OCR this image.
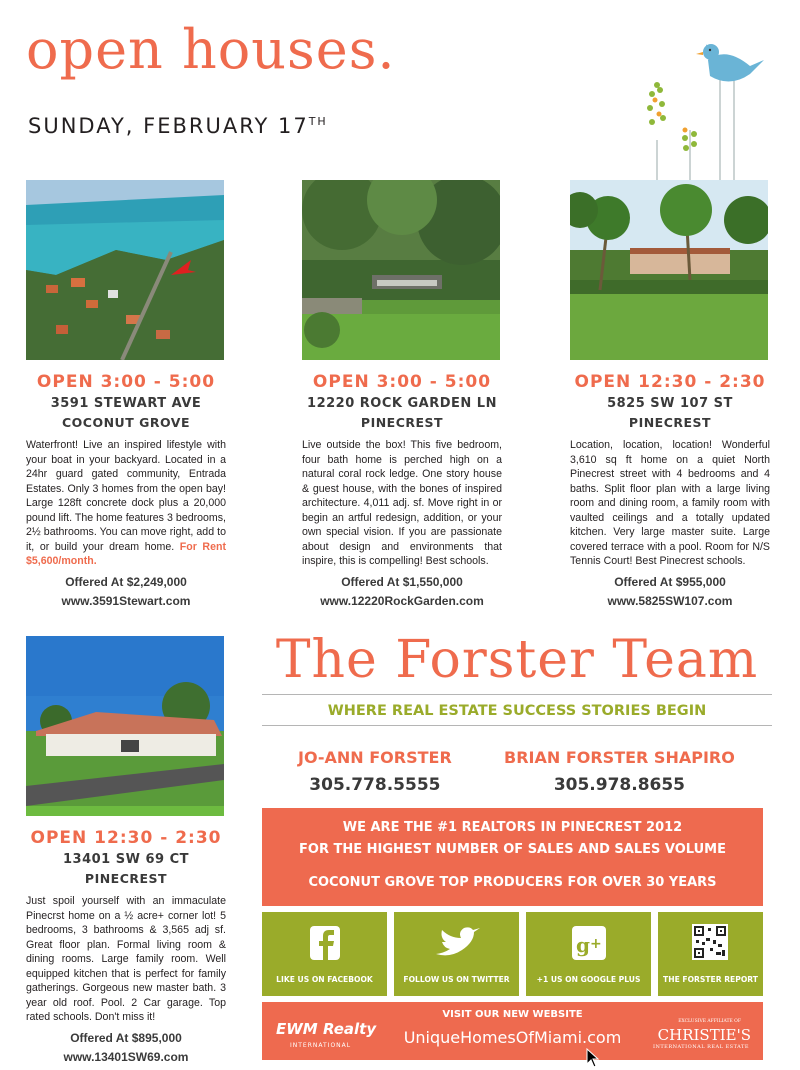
open houses.
SUNDAY, FEBRUARY 17TH
OPEN 3:00 - 5:00
3591 STEWART AVE
COCONUT GROVE
Waterfront! Live an inspired lifestyle with your boat in your backyard. Located in a 24hr guard gated community, Entrada Estates. Only 3 homes from the open bay! Large 128ft concrete dock plus a 20,000 pound lift. The home features 3 bedrooms, 2½ bathrooms. You can move right, add to it, or build your dream home. For Rent $5,600/month.
Offered At $2,249,000
www.3591Stewart.com
OPEN 3:00 - 5:00
12220 ROCK GARDEN LN
PINECREST
Live outside the box! This five bedroom, four bath home is perched high on a natural coral rock ledge. One story house & guest house, with the bones of inspired architecture. 4,011 adj. sf. Move right in or begin an artful redesign, addition, or your own special vision. If you are passionate about design and environments that inspire, this is compelling! Best schools.
Offered At $1,550,000
www.12220RockGarden.com
OPEN 12:30 - 2:30
5825 SW 107 ST
PINECREST
Location, location, location! Wonderful 3,610 sq ft home on a quiet North Pinecrest street with 4 bedrooms and 4 baths. Split floor plan with a large living room and dining room, a family room with vaulted ceilings and a totally updated kitchen. Very large master suite. Large covered terrace with a pool. Room for N/S Tennis Court! Best Pinecrest schools.
Offered At $955,000
www.5825SW107.com
OPEN 12:30 - 2:30
13401 SW 69 CT
PINECREST
Just spoil yourself with an immaculate Pinecrst home on a ½ acre+ corner lot! 5 bedrooms, 3 bathrooms & 3,565 adj sf. Great floor plan. Formal living room & dining rooms. Large family room. Well equipped kitchen that is perfect for family gatherings. Gorgeous new master bath. 3 year old roof. Pool. 2 Car garage. Top rated schools. Don't miss it!
Offered At $895,000
www.13401SW69.com
The Forster Team
WHERE REAL ESTATE SUCCESS STORIES BEGIN
JO-ANN FORSTER
305.778.5555
BRIAN FORSTER SHAPIRO
305.978.8655
WE ARE THE #1 REALTORS IN PINECREST 2012
FOR THE HIGHEST NUMBER OF SALES AND SALES VOLUME
COCONUT GROVE TOP PRODUCERS FOR OVER 30 YEARS
LIKE US ON FACEBOOK	FOLLOW US ON TWITTER
g +
+1 US ON GOOGLE PLUS	THE FORSTER REPORT
EWM Realty
INTERNATIONAL
VISIT OUR NEW WEBSITE
UniqueHomesOfMiami.com
EXCLUSIVE AFFILIATE OF
CHRISTIE'S
INTERNATIONAL REAL ESTATE
